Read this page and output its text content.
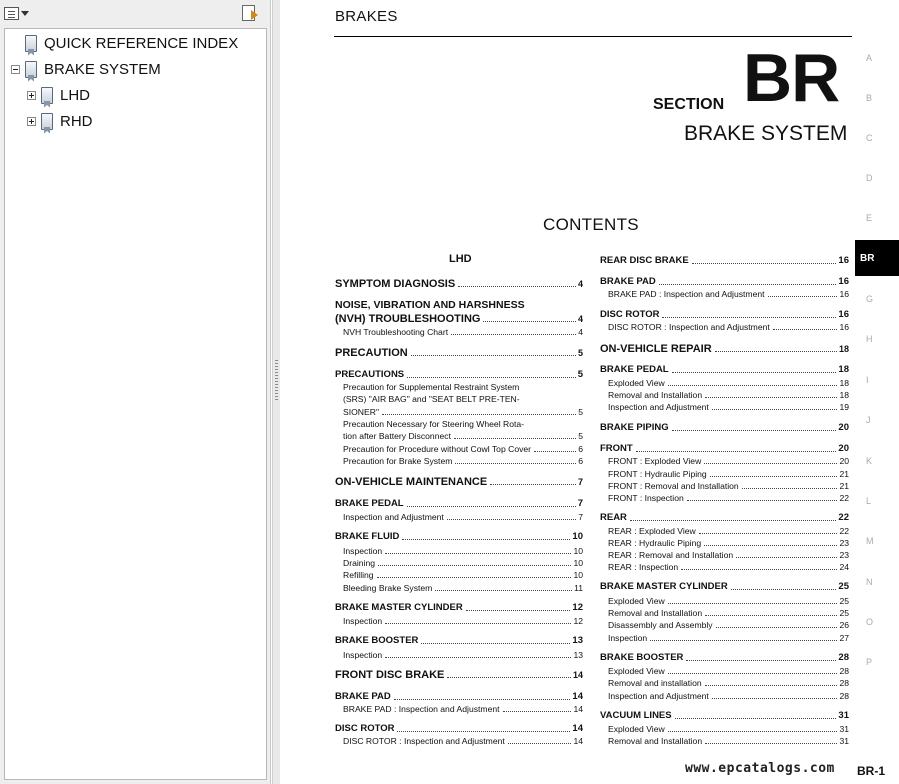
QUICK REFERENCE INDEX
BRAKE SYSTEM
LHD
RHD
BRAKES
SECTION BR
BRAKE SYSTEM
CONTENTS
LHD
SYMPTOM DIAGNOSIS	4
NOISE, VIBRATION AND HARSHNESS
(NVH) TROUBLESHOOTING	4
NVH Troubleshooting Chart	4
PRECAUTION	5
PRECAUTIONS	5
Precaution for Supplemental Restraint System
(SRS) "AIR BAG" and "SEAT BELT PRE-TEN-
SIONER"	5
Precaution Necessary for Steering Wheel Rota-
tion after Battery Disconnect	5
Precaution for Procedure without Cowl Top Cover	6
Precaution for Brake System	6
ON-VEHICLE MAINTENANCE	7
BRAKE PEDAL	7
Inspection and Adjustment	7
BRAKE FLUID	10
Inspection	10
Draining	10
Refilling	10
Bleeding Brake System	11
BRAKE MASTER CYLINDER	12
Inspection	12
BRAKE BOOSTER	13
Inspection	13
FRONT DISC BRAKE	14
BRAKE PAD	14
BRAKE PAD : Inspection and Adjustment	14
DISC ROTOR	14
DISC ROTOR : Inspection and Adjustment	14
REAR DISC BRAKE	16
BRAKE PAD	16
BRAKE PAD : Inspection and Adjustment	16
DISC ROTOR	16
DISC ROTOR : Inspection and Adjustment	16
ON-VEHICLE REPAIR	18
BRAKE PEDAL	18
Exploded View	18
Removal and Installation	18
Inspection and Adjustment	19
BRAKE PIPING	20
FRONT	20
FRONT : Exploded View	20
FRONT : Hydraulic Piping	21
FRONT : Removal and Installation	21
FRONT : Inspection	22
REAR	22
REAR : Exploded View	22
REAR : Hydraulic Piping	23
REAR : Removal and Installation	23
REAR : Inspection	24
BRAKE MASTER CYLINDER	25
Exploded View	25
Removal and Installation	25
Disassembly and Assembly	26
Inspection	27
BRAKE BOOSTER	28
Exploded View	28
Removal and installation	28
Inspection and Adjustment	28
VACUUM LINES	31
Exploded View	31
Removal and Installation	31
BR-1
A
B
C
D
E
BR
G
H
I
J
K
L
M
N
O
P
www.epcatalogs.com
